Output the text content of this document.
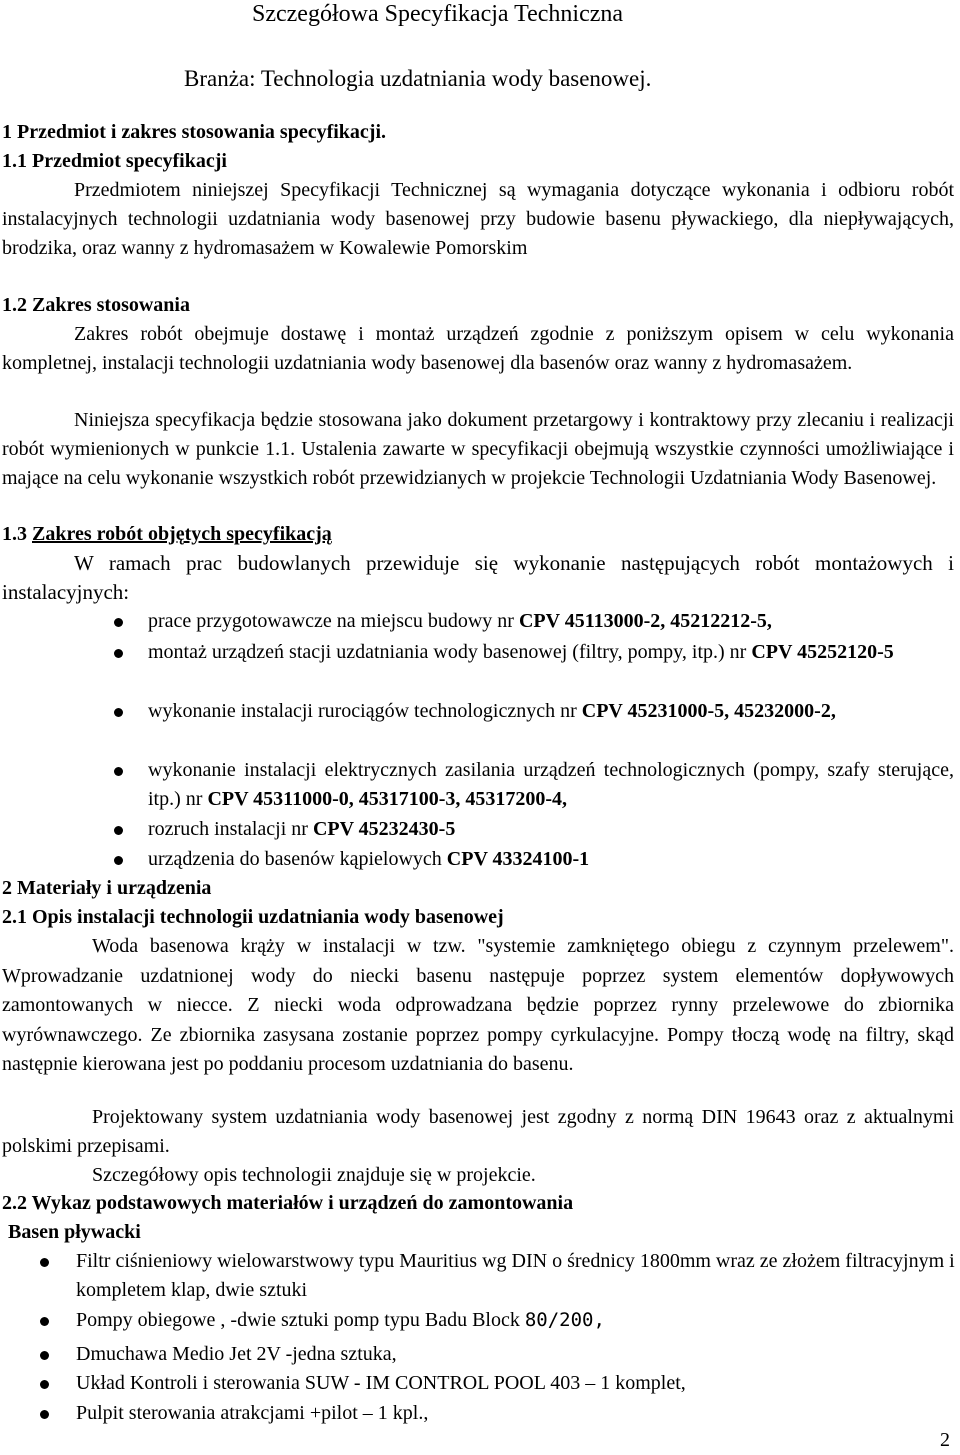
Szczegółowa Specyfikacja Techniczna
Branża: Technologia uzdatniania wody basenowej.
1 Przedmiot i zakres stosowania specyfikacji.
1.1 Przedmiot specyfikacji
Przedmiotem niniejszej Specyfikacji Technicznej są wymagania dotyczące wykonania i odbioru robót instalacyjnych technologii uzdatniania wody basenowej przy budowie basenu pływackiego, dla niepływających, brodzika, oraz wanny z hydromasażem w Kowalewie Pomorskim
1.2 Zakres stosowania
Zakres robót obejmuje dostawę i montaż urządzeń zgodnie z poniższym opisem w celu wykonania kompletnej, instalacji technologii uzdatniania wody basenowej dla basenów oraz wanny z hydromasażem.
Niniejsza specyfikacja będzie stosowana jako dokument przetargowy i kontraktowy przy zlecaniu i realizacji robót wymienionych w punkcie 1.1. Ustalenia zawarte w specyfikacji obejmują wszystkie czynności umożliwiające i mające na celu wykonanie wszystkich robót przewidzianych w projekcie Technologii Uzdatniania Wody Basenowej.
1.3 Zakres robót objętych specyfikacją
W ramach prac budowlanych przewiduje się wykonanie następujących robót montażowych i instalacyjnych:
prace przygotowawcze na miejscu budowy nr CPV 45113000-2, 45212212-5,
montaż urządzeń stacji uzdatniania wody basenowej (filtry, pompy, itp.) nr CPV 45252120-5
wykonanie instalacji rurociągów technologicznych nr CPV 45231000-5, 45232000-2,
wykonanie instalacji elektrycznych zasilania urządzeń technologicznych (pompy, szafy sterujące, itp.) nr CPV 45311000-0, 45317100-3, 45317200-4,
rozruch instalacji nr CPV 45232430-5
urządzenia do basenów kąpielowych CPV 43324100-1
2 Materiały i urządzenia
2.1 Opis instalacji technologii uzdatniania wody basenowej
Woda basenowa krąży w instalacji w tzw. "systemie zamkniętego obiegu z czynnym przelewem". Wprowadzanie uzdatnionej wody do niecki basenu następuje poprzez system elementów dopływowych zamontowanych w niecce. Z niecki woda odprowadzana będzie poprzez rynny przelewowe do zbiornika wyrównawczego. Ze zbiornika zasysana zostanie poprzez pompy cyrkulacyjne. Pompy tłoczą wodę na filtry, skąd następnie kierowana jest po poddaniu procesom uzdatniania do basenu.
Projektowany system uzdatniania wody basenowej jest zgodny z normą DIN 19643 oraz z aktualnymi polskimi przepisami.
Szczegółowy opis technologii znajduje się w projekcie.
2.2 Wykaz podstawowych materiałów i urządzeń do zamontowania
Basen pływacki
Filtr ciśnieniowy wielowarstwowy typu Mauritius wg DIN o średnicy 1800mm wraz ze złożem filtracyjnym i kompletem klap, dwie sztuki
Pompy obiegowe , -dwie sztuki pomp typu Badu Block 80/200,
Dmuchawa Medio Jet 2V -jedna sztuka,
Układ Kontroli i sterowania SUW - IM CONTROL POOL 403 – 1 komplet,
Pulpit sterowania atrakcjami +pilot – 1 kpl.,
2
